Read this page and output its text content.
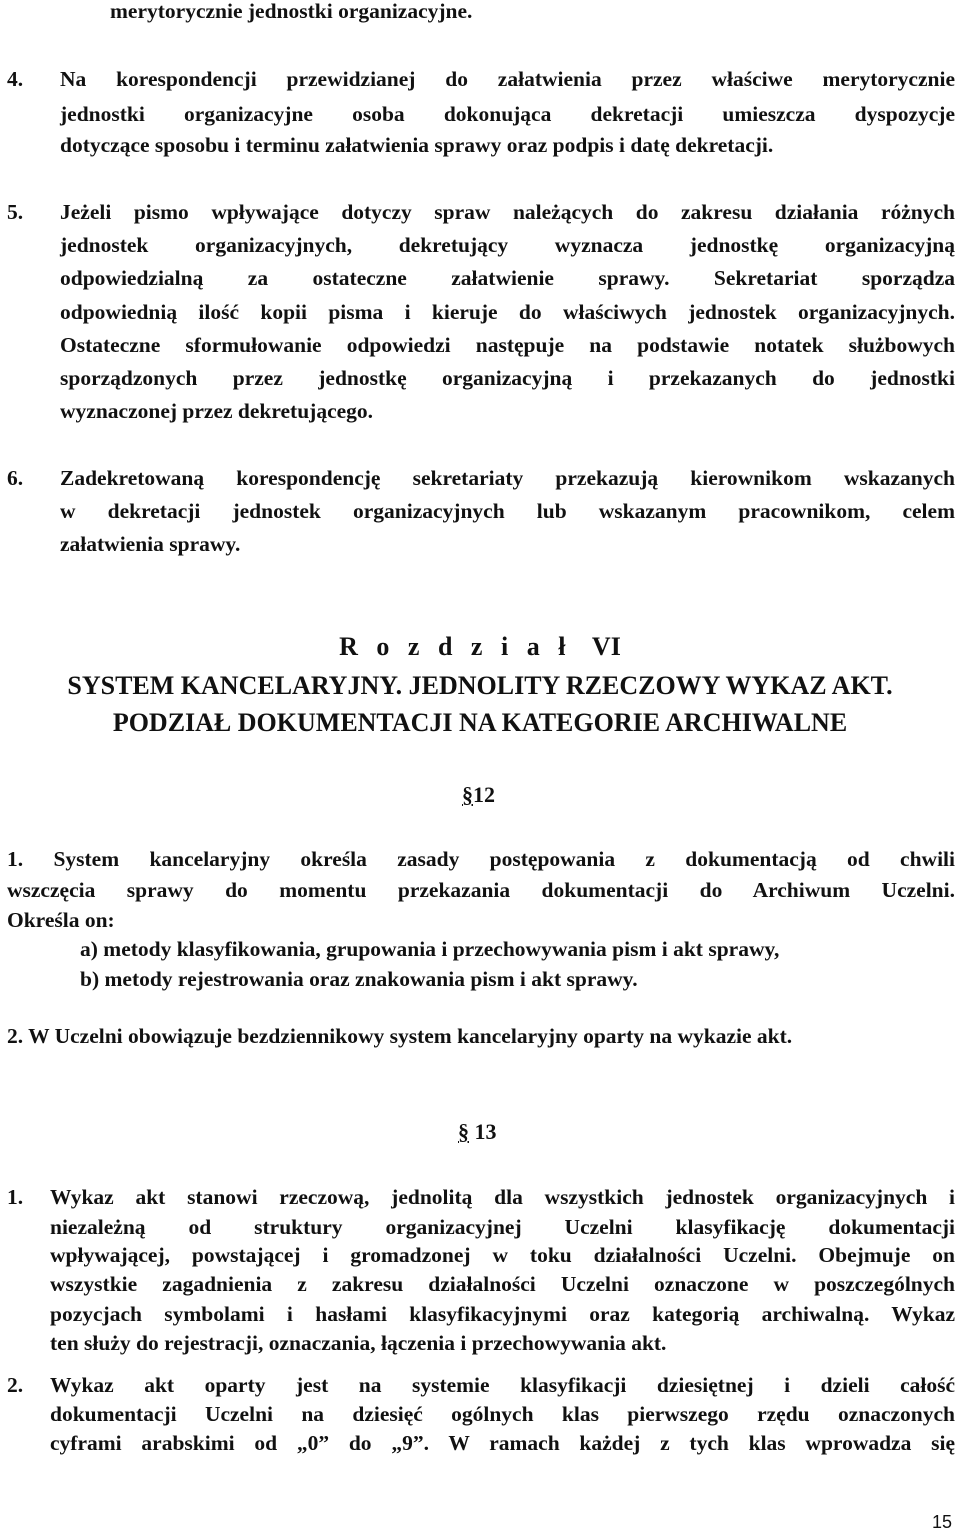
merytorycznie jednostki organizacyjne.
4. Na korespondencji przewidzianej do załatwienia przez właściwe merytorycznie
jednostki organizacyjne osoba dokonująca dekretacji umieszcza dyspozycje
dotyczące sposobu i terminu załatwienia sprawy oraz podpis i datę dekretacji.
5. Jeżeli pismo wpływające dotyczy spraw należących do zakresu działania różnych
jednostek organizacyjnych, dekretujący wyznacza jednostkę organizacyjną
odpowiedzialną za ostateczne załatwienie sprawy. Sekretariat sporządza
odpowiednią ilość kopii pisma i kieruje do właściwych jednostek organizacyjnych.
Ostateczne sformułowanie odpowiedzi następuje na podstawie notatek służbowych
sporządzonych przez jednostkę organizacyjną i przekazanych do jednostki
wyznaczonej przez dekretującego.
6. Zadekretowaną korespondencję sekretariaty przekazują kierownikom wskazanych
w dekretacji jednostek organizacyjnych lub wskazanym pracownikom, celem
załatwienia sprawy.
R o z d z i a ł VI
SYSTEM KANCELARYJNY. JEDNOLITY RZECZOWY WYKAZ AKT.
PODZIAŁ DOKUMENTACJI NA KATEGORIE ARCHIWALNE
§12
1. System kancelaryjny określa zasady postępowania z dokumentacją od chwili
wszczęcia sprawy do momentu przekazania dokumentacji do Archiwum Uczelni.
Określa on:
a) metody klasyfikowania, grupowania i przechowywania pism i akt sprawy,
b) metody rejestrowania oraz znakowania pism i akt sprawy.
2. W Uczelni obowiązuje bezdziennikowy system kancelaryjny oparty na wykazie akt.
§ 13
1. Wykaz akt stanowi rzeczową, jednolitą dla wszystkich jednostek organizacyjnych i
niezależną od struktury organizacyjnej Uczelni klasyfikację dokumentacji
wpływającej, powstającej i gromadzonej w toku działalności Uczelni. Obejmuje on
wszystkie zagadnienia z zakresu działalności Uczelni oznaczone w poszczególnych
pozycjach symbolami i hasłami klasyfikacyjnymi oraz kategorią archiwalną. Wykaz
ten służy do rejestracji, oznaczania, łączenia i przechowywania akt.
2. Wykaz akt oparty jest na systemie klasyfikacji dziesiętnej i dzieli całość
dokumentacji Uczelni na dziesięć ogólnych klas pierwszego rzędu oznaczonych
cyframi arabskimi od „0” do „9”. W ramach każdej z tych klas wprowadza się
15
